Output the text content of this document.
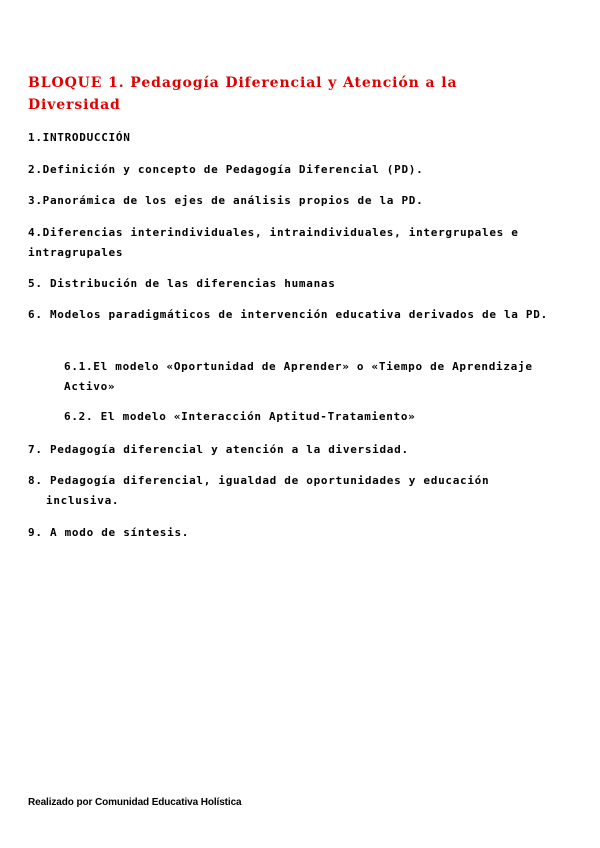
BLOQUE 1. Pedagogía Diferencial y Atención a la Diversidad
1.INTRODUCCIÓN
2.Definición y concepto de Pedagogía Diferencial (PD).
3.Panorámica de los ejes de análisis propios de la PD.
4.Diferencias interindividuales, intraindividuales, intergrupales e intragrupales
5. Distribución de las diferencias humanas
6. Modelos paradigmáticos de intervención educativa derivados de la PD.
6.1.El modelo «Oportunidad de Aprender» o «Tiempo de Aprendizaje Activo»
6.2. El modelo «Interacción Aptitud-Tratamiento»
7. Pedagogía diferencial y atención a la diversidad.
8. Pedagogía diferencial, igualdad de oportunidades y educación
inclusiva.
9. A modo de síntesis.
Realizado por Comunidad Educativa Holística
